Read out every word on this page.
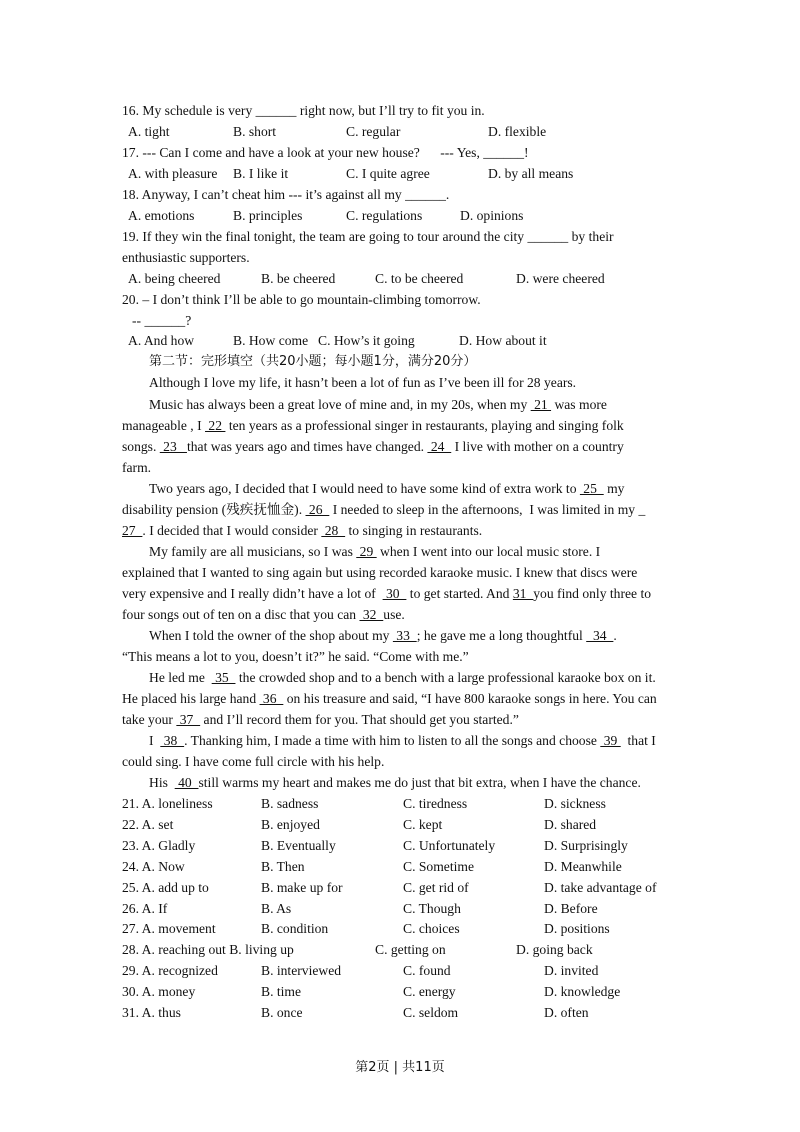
16. My schedule is very ______ right now, but I’ll try to fit you in.
A. tight	B. short	C. regular	D. flexible
17. --- Can I come and have a look at your new house?      --- Yes, ______!
A. with pleasure B. I like it	C. I quite agree	D. by all means
18. Anyway, I can’t cheat him --- it’s against all my ______.
A. emotions	B. principles	C. regulations	D. opinions
19. If they win the final tonight, the team are going to tour around the city ______ by their
enthusiastic supporters.
A. being cheered	B. be cheered	C. to be cheered	D. were cheered
20. – I don’t think I’ll be able to go mountain-climbing tomorrow.
-- ______?
A. And how	B. How come C. How’s it going	D. How about it
第二节：完形填空（共20小题；每小题1分，满分20分）
Although I love my life, it hasn’t been a lot of fun as I’ve been ill for 28 years.
Music has always been a great love of mine and, in my 20s, when my  21  was more
manageable , I  22  ten years as a professional singer in restaurants, playing and singing folk
songs.  23   that was years ago and times have changed.  24   I live with mother on a country
farm.
Two years ago, I decided that I would need to have some kind of extra work to  25   my
disability pension (残疾抚恤金).  26   I needed to sleep in the afternoons,  I was limited in my _
27  . I decided that I would consider  28   to singing in restaurants.
My family are all musicians, so I was  29  when I went into our local music store. I
explained that I wanted to sing again but using recorded karaoke music. I knew that discs were
very expensive and I really didn’t have a lot of   30   to get started. And 31  you find only three to
four songs out of ten on a disc that you can  32  use.
When I told the owner of the shop about my  33  ; he gave me a long thoughtful   34  .
“This means a lot to you, doesn’t it?” he said. “Come with me.”
He led me   35   the crowded shop and to a bench with a large professional karaoke box on it.
He placed his large hand  36   on his treasure and said, “I have 800 karaoke songs in here. You can
take your  37   and I’ll record them for you. That should get you started.”
I   38  . Thanking him, I made a time with him to listen to all the songs and choose  39   that I
could sing. I have come full circle with his help.
His   40  still warms my heart and makes me do just that bit extra, when I have the chance.
21. A. loneliness	B. sadness	C. tiredness	D. sickness
22. A. set	B. enjoyed	C. kept	D. shared
23. A. Gladly	B. Eventually	C. Unfortunately	D. Surprisingly
24. A. Now	B. Then	C. Sometime	D. Meanwhile
25. A. add up to	B. make up for	C. get rid of	D. take advantage of
26. A. If	B. As	C. Though	D. Before
27. A. movement	B. condition	C. choices	D. positions
28. A. reaching out B. living up	C. getting on	D. going back
29. A. recognized	B. interviewed	C. found	D. invited
30. A. money	B. time	C. energy	D. knowledge
31. A. thus	B. once	C. seldom	D. often
第2页 | 共11页
